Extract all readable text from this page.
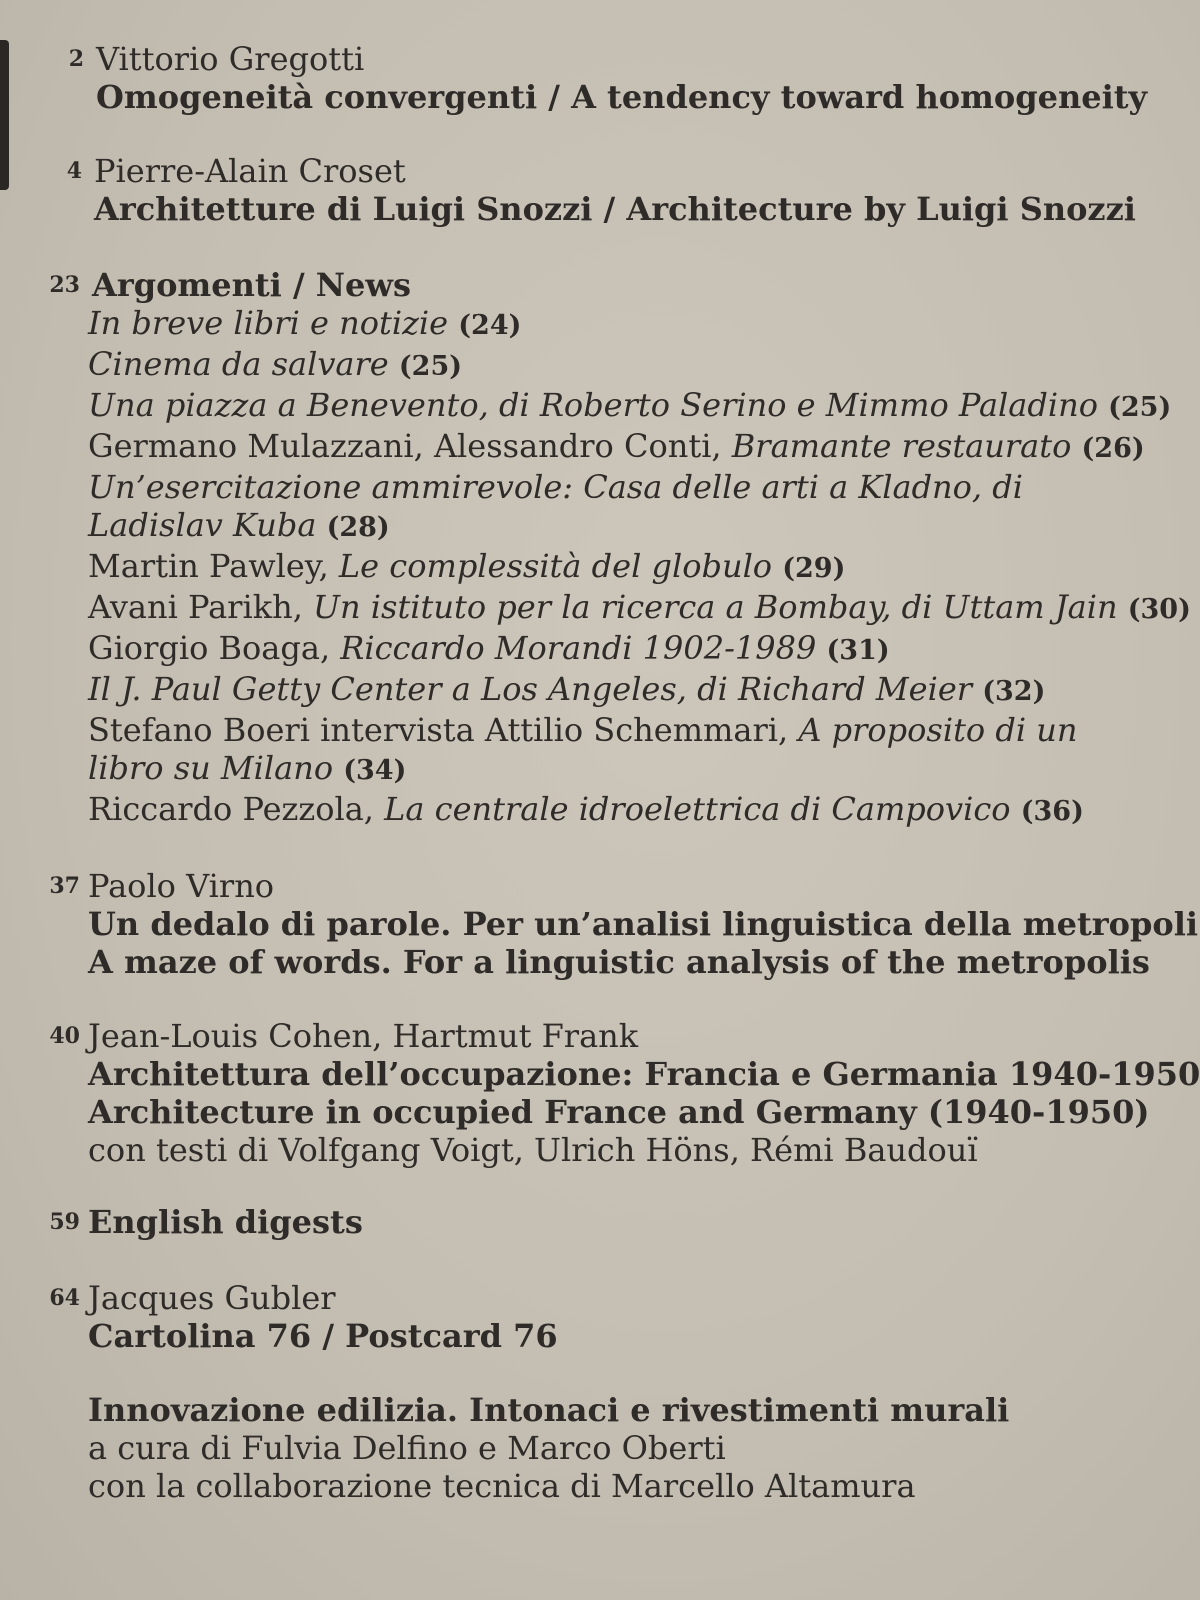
2 Vittorio Gregotti
Omogeneità convergenti / A tendency toward homogeneity
4 Pierre-Alain Croset
Architetture di Luigi Snozzi / Architecture by Luigi Snozzi
23 Argomenti / News
In breve libri e notizie (24)
Cinema da salvare (25)
Una piazza a Benevento, di Roberto Serino e Mimmo Paladino (25)
Germano Mulazzani, Alessandro Conti, Bramante restaurato (26)
Un’esercitazione ammirevole: Casa delle arti a Kladno, di Ladislav Kuba (28)
Martin Pawley, Le complessità del globulo (29)
Avani Parikh, Un istituto per la ricerca a Bombay, di Uttam Jain (30)
Giorgio Boaga, Riccardo Morandi 1902-1989 (31)
Il J. Paul Getty Center a Los Angeles, di Richard Meier (32)
Stefano Boeri intervista Attilio Schemmari, A proposito di un libro su Milano (34)
Riccardo Pezzola, La centrale idroelettrica di Campovico (36)
37 Paolo Virno
Un dedalo di parole. Per un’analisi linguistica della metropoli
A maze of words. For a linguistic analysis of the metropolis
40 Jean-Louis Cohen, Hartmut Frank
Architettura dell’occupazione: Francia e Germania 1940-1950
Architecture in occupied France and Germany (1940-1950)
con testi di Volfgang Voigt, Ulrich Höns, Rémi Baudouï
59 English digests
64 Jacques Gubler
Cartolina 76 / Postcard 76
Innovazione edilizia. Intonaci e rivestimenti murali
a cura di Fulvia Delfino e Marco Oberti
con la collaborazione tecnica di Marcello Altamura
